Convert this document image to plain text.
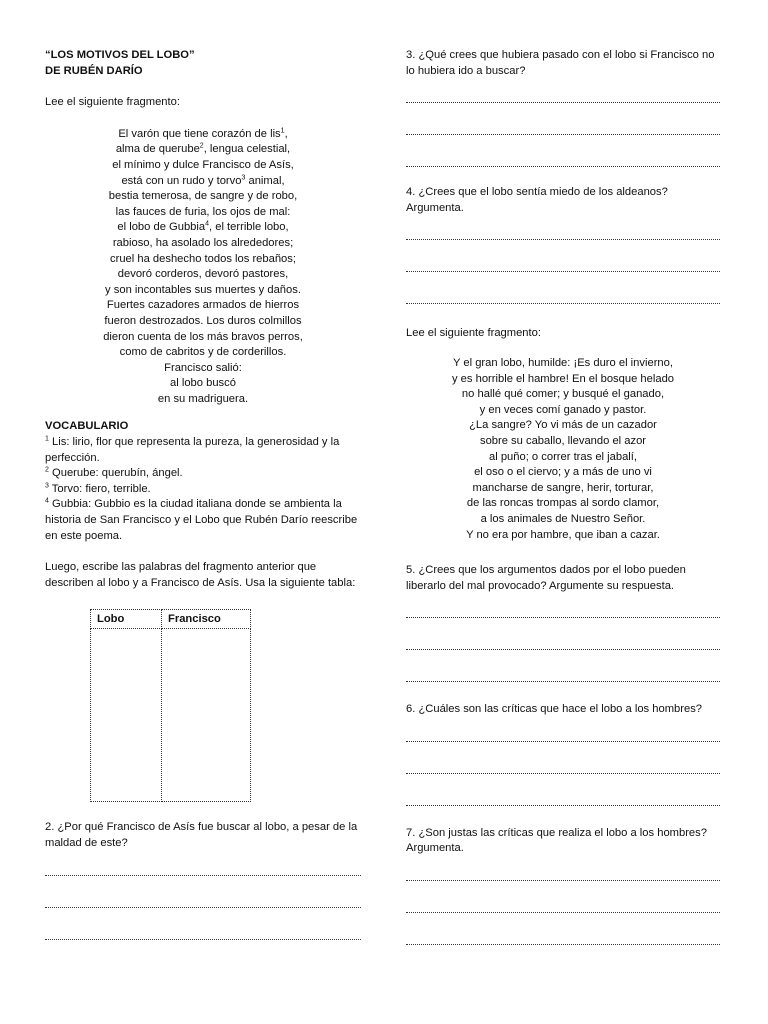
“LOS MOTIVOS DEL LOBO”

DE RUBÉN DARÍO

Lee el siguiente fragmento:

El varón que tiene corazón de lis$^1$,
alma de querube$^2$, lengua celestial,
el mínimo y dulce Francisco de Asís,
está con un rudo y torvo$^3$ animal,
bestia temerosa, de sangre y de robo,
las fauces de furia, los ojos de mal:
el lobo de Gubbia$^4$, el terrible lobo,
rabioso, ha asolado los alrededores;
cruel ha deshecho todos los rebaños;
devoró corderos, devoró pastores,
y son incontables sus muertes y daños.
Fuertes cazadores armados de hierros
fueron destrozados. Los duros colmillos
dieron cuenta de los más bravos perros,
como de cabritos y de corderillos.
Francisco salió:
al lobo buscó
en su madriguera.

VOCABULARIO

$^1$ Lis: lirio, flor que representa la pureza, la generosidad y la perfección.

$^2$ Querube: querubín, ángel.

$^3$ Torvo: fiero, terrible.

$^4$ Gubbia: Gubbio es la ciudad italiana donde se ambienta la historia de San Francisco y el Lobo que Rubén Darío reescribe en este poema.

Luego, escribe las palabras del fragmento anterior que describen al lobo y a Francisco de Asís. Usa la siguiente tabla:

Lobo	Francisco

2. ¿Por qué Francisco de Asís fue buscar al lobo, a pesar de la maldad de este?

3. ¿Qué crees que hubiera pasado con el lobo si Francisco no lo hubiera ido a buscar?

4. ¿Crees que el lobo sentía miedo de los aldeanos? Argumenta.

Lee el siguiente fragmento:

Y el gran lobo, humilde: ¡Es duro el invierno,
y es horrible el hambre! En el bosque helado
no hallé qué comer; y busqué el ganado,
y en veces comí ganado y pastor.
¿La sangre? Yo vi más de un cazador
sobre su caballo, llevando el azor
al puño; o correr tras el jabalí,
el oso o el ciervo; y a más de uno vi
mancharse de sangre, herir, torturar,
de las roncas trompas al sordo clamor,
a los animales de Nuestro Señor.
Y no era por hambre, que iban a cazar.

5. ¿Crees que los argumentos dados por el lobo pueden liberarlo del mal provocado? Argumente su respuesta.

6. ¿Cuáles son las críticas que hace el lobo a los hombres?

7. ¿Son justas las críticas que realiza el lobo a los hombres? Argumenta.
